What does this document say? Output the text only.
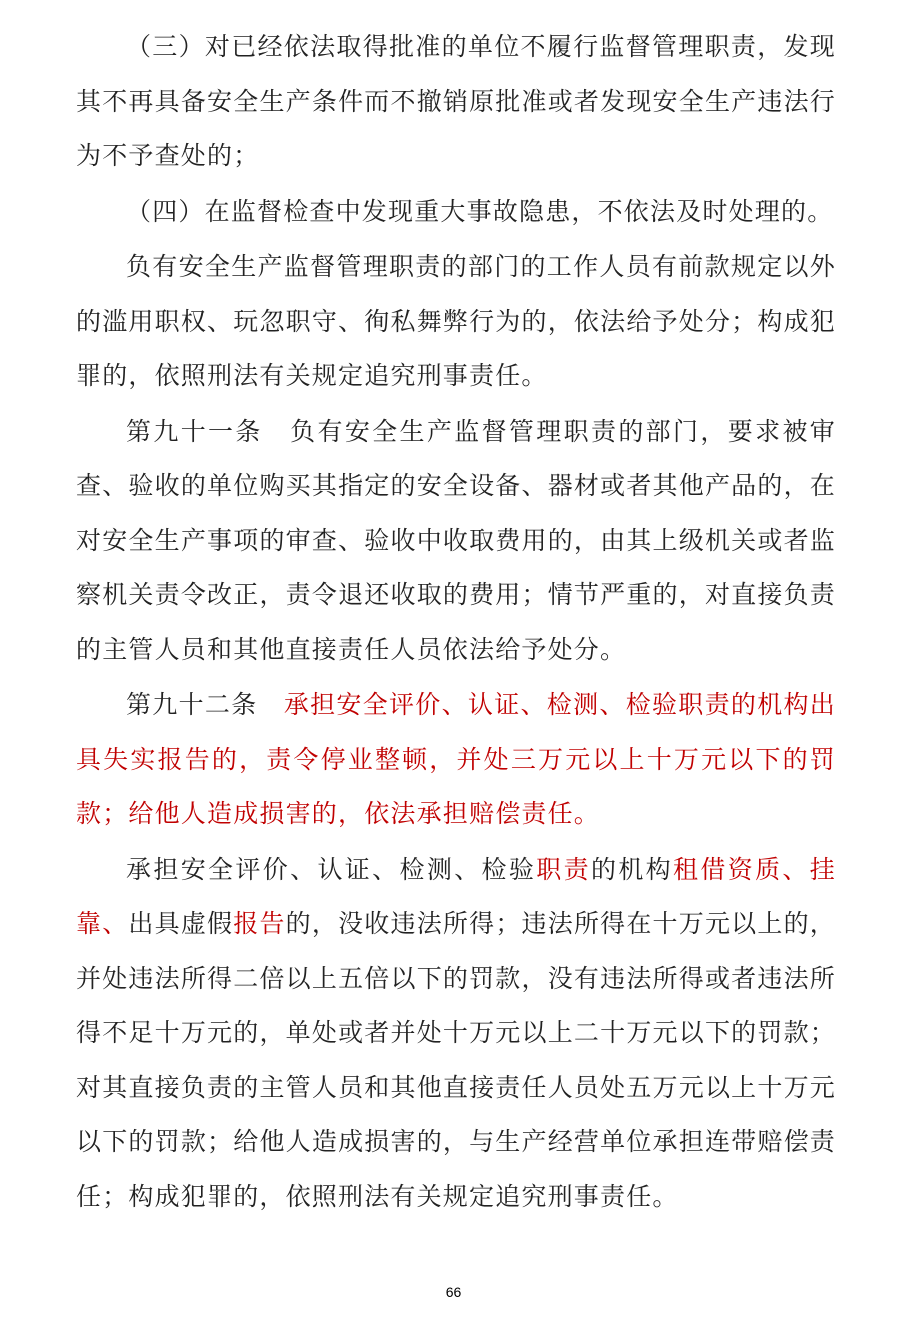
（三）对已经依法取得批准的单位不履行监督管理职责，发现其不再具备安全生产条件而不撤销原批准或者发现安全生产违法行为不予查处的；

（四）在监督检查中发现重大事故隐患，不依法及时处理的。

负有安全生产监督管理职责的部门的工作人员有前款规定以外的滥用职权、玩忽职守、徇私舞弊行为的，依法给予处分；构成犯罪的，依照刑法有关规定追究刑事责任。

第九十一条　负有安全生产监督管理职责的部门，要求被审查、验收的单位购买其指定的安全设备、器材或者其他产品的，在对安全生产事项的审查、验收中收取费用的，由其上级机关或者监察机关责令改正，责令退还收取的费用；情节严重的，对直接负责的主管人员和其他直接责任人员依法给予处分。

第九十二条　承担安全评价、认证、检测、检验职责的机构出具失实报告的，责令停业整顿，并处三万元以上十万元以下的罚款；给他人造成损害的，依法承担赔偿责任。

承担安全评价、认证、检测、检验职责的机构租借资质、挂靠、出具虚假报告的，没收违法所得；违法所得在十万元以上的，并处违法所得二倍以上五倍以下的罚款，没有违法所得或者违法所得不足十万元的，单处或者并处十万元以上二十万元以下的罚款；对其直接负责的主管人员和其他直接责任人员处五万元以上十万元以下的罚款；给他人造成损害的，与生产经营单位承担连带赔偿责任；构成犯罪的，依照刑法有关规定追究刑事责任。

66
